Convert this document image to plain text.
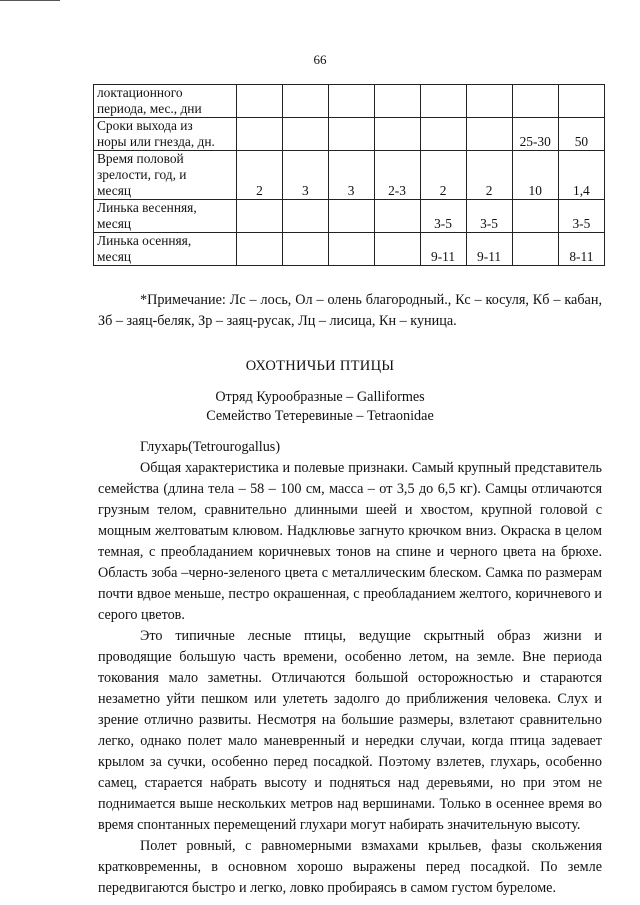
66
локтационного
периода, мес., дни								

Сроки выхода из
норы или гнезда, дн.							25-30	50

Время половой
зрелости, год, и
месяц	2	3	3	2-3	2	2	10	1,4

Линька весенняя,
месяц					3-5	3-5		3-5

Линька осенняя,
месяц					9-11	9-11		8-11
*Примечание: Лс – лось, Ол – олень благородный., Кс – косуля, Кб – кабан, Зб – заяц-беляк, Зр – заяц-русак, Лц – лисица, Кн – куница.
ОХОТНИЧЬИ ПТИЦЫ
Отряд Курообразные – Galliformes
Семейство Тетеревиные – Tetraonidae

Глухарь(Tetrourogallus)

Общая характеристика и полевые признаки. Самый крупный представитель семейства (длина тела – 58 – 100 см, масса – от 3,5 до 6,5 кг). Самцы отличаются грузным телом, сравнительно длинными шеей и хвостом, крупной головой с мощным желтоватым клювом. Надклювье загнуто крючком вниз. Окраска в целом темная, с преобладанием коричневых тонов на спине и черного цвета на брюхе. Область зоба –черно-зеленого цвета с металлическим блеском. Самка по размерам почти вдвое меньше, пестро окрашенная, с преобладанием желтого, коричневого и серого цветов.

Это типичные лесные птицы, ведущие скрытный образ жизни и проводящие большую часть времени, особенно летом, на земле. Вне периода токования мало заметны. Отличаются большой осторожностью и стараются незаметно уйти пешком или улететь задолго до приближения человека. Слух и зрение отлично развиты. Несмотря на большие размеры, взлетают сравнительно легко, однако полет мало маневренный и нередки случаи, когда птица задевает крылом за сучки, особенно перед посадкой. Поэтому взлетев, глухарь, особенно самец, старается набрать высоту и подняться над деревьями, но при этом не поднимается выше нескольких метров над вершинами. Только в осеннее время во время спонтанных перемещений глухари могут набирать значительную высоту.

Полет ровный, с равномерными взмахами крыльев, фазы скольжения кратковременны, в основном хорошо выражены перед посадкой. По земле передвигаются быстро и легко, ловко пробираясь в самом густом буреломе.
